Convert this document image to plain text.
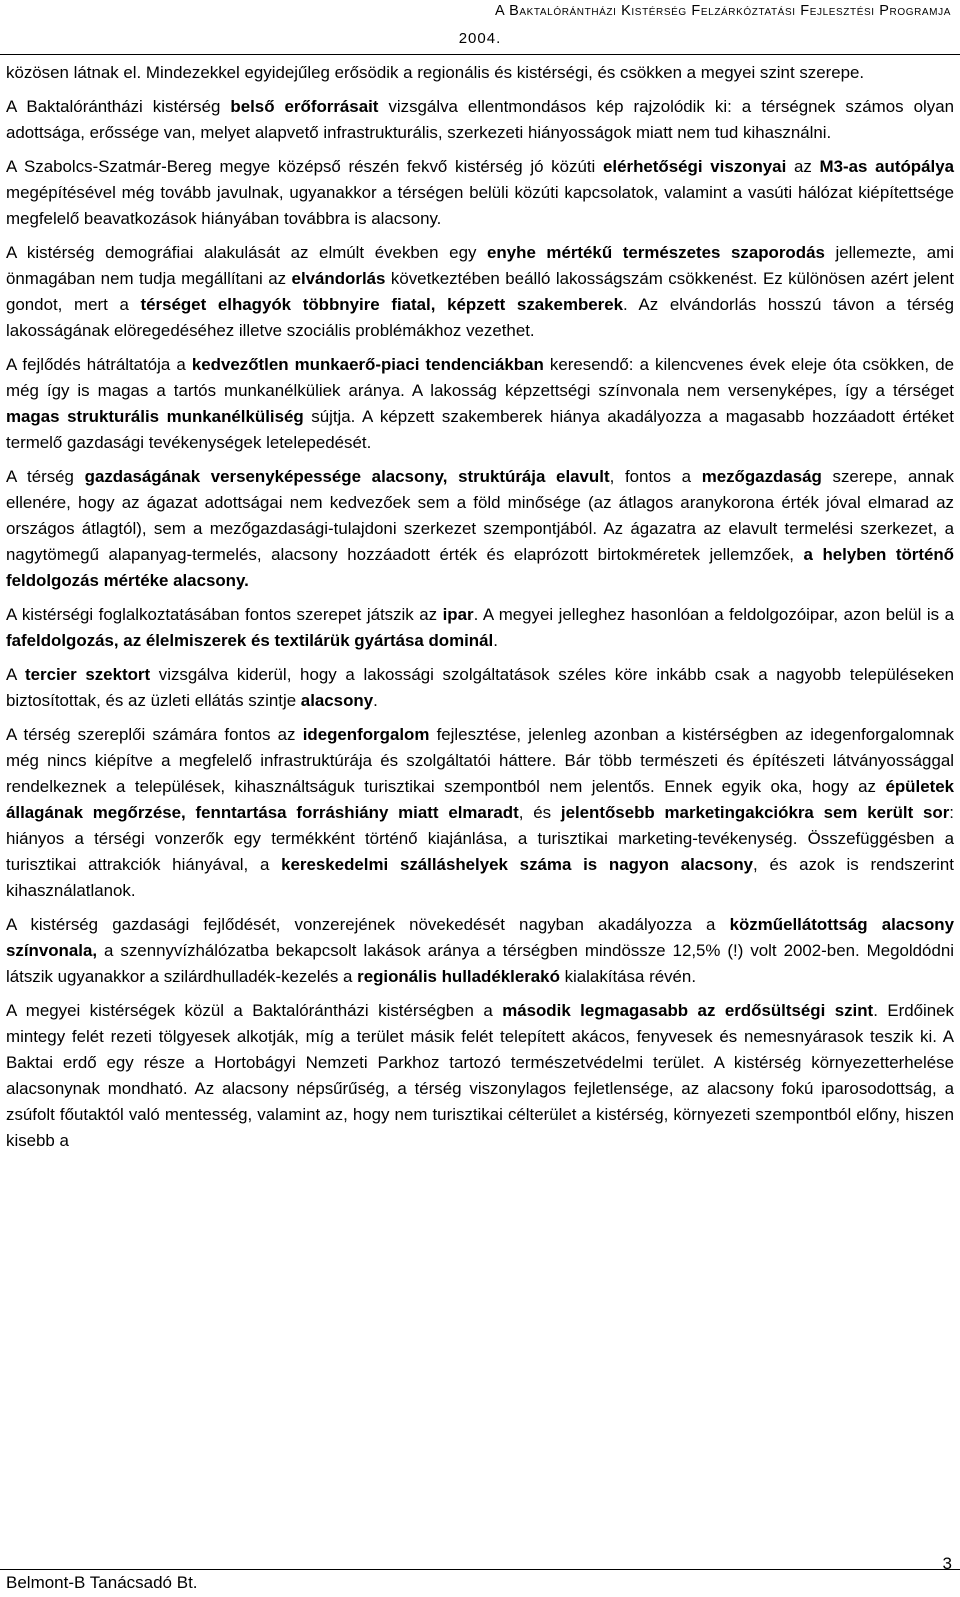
A Baktalórántházi Kistérség Felzárkóztatási Fejlesztési Programja
2004.

közösen látnak el. Mindezekkel egyidejűleg erősödik a regionális és kistérségi, és csökken a megyei szint szerepe.

A Baktalórántházi kistérség belső erőforrásait vizsgálva ellentmondásos kép rajzolódik ki: a térségnek számos olyan adottsága, erőssége van, melyet alapvető infrastrukturális, szerkezeti hiányosságok miatt nem tud kihasználni.

A Szabolcs-Szatmár-Bereg megye középső részén fekvő kistérség jó közúti elérhetőségi viszonyai az M3-as autópálya megépítésével még tovább javulnak, ugyanakkor a térségen belüli közúti kapcsolatok, valamint a vasúti hálózat kiépítettsége megfelelő beavatkozások hiányában továbbra is alacsony.

A kistérség demográfiai alakulását az elmúlt években egy enyhe mértékű természetes szaporodás jellemezte, ami önmagában nem tudja megállítani az elvándorlás következtében beálló lakosságszám csökkenést. Ez különösen azért jelent gondot, mert a térséget elhagyók többnyire fiatal, képzett szakemberek. Az elvándorlás hosszú távon a térség lakosságának elöregedéséhez illetve szociális problémákhoz vezethet.

A fejlődés hátráltatója a kedvezőtlen munkaerő-piaci tendenciákban keresendő: a kilencvenes évek eleje óta csökken, de még így is magas a tartós munkanélküliek aránya. A lakosság képzettségi színvonala nem versenyképes, így a térséget magas strukturális munkanélküliség sújtja. A képzett szakemberek hiánya akadályozza a magasabb hozzáadott értéket termelő gazdasági tevékenységek letelepedését.

A térség gazdaságának versenyképessége alacsony, struktúrája elavult, fontos a mezőgazdaság szerepe, annak ellenére, hogy az ágazat adottságai nem kedvezőek sem a föld minősége (az átlagos aranykorona érték jóval elmarad az országos átlagtól), sem a mezőgazdasági-tulajdoni szerkezet szempontjából. Az ágazatra az elavult termelési szerkezet, a nagytömegű alapanyag-termelés, alacsony hozzáadott érték és elaprózott birtokméretek jellemzőek, a helyben történő feldolgozás mértéke alacsony.

A kistérségi foglalkoztatásában fontos szerepet játszik az ipar. A megyei jelleghez hasonlóan a feldolgozóipar, azon belül is a fafeldolgozás, az élelmiszerek és textilárük gyártása dominál.

A tercier szektort vizsgálva kiderül, hogy a lakossági szolgáltatások széles köre inkább csak a nagyobb településeken biztosítottak, és az üzleti ellátás szintje alacsony.

A térség szereplői számára fontos az idegenforgalom fejlesztése, jelenleg azonban a kistérségben az idegenforgalomnak még nincs kiépítve a megfelelő infrastruktúrája és szolgáltatói háttere. Bár több természeti és építészeti látványossággal rendelkeznek a települések, kihasználtságuk turisztikai szempontból nem jelentős. Ennek egyik oka, hogy az épületek állagának megőrzése, fenntartása forráshiány miatt elmaradt, és jelentősebb marketingakciókra sem került sor: hiányos a térségi vonzerők egy termékként történő kiajánlása, a turisztikai marketing-tevékenység. Összefüggésben a turisztikai attrakciók hiányával, a kereskedelmi szálláshelyek száma is nagyon alacsony, és azok is rendszerint kihasználatlanok.

A kistérség gazdasági fejlődését, vonzerejének növekedését nagyban akadályozza a közműellátottság alacsony színvonala, a szennyvízhálózatba bekapcsolt lakások aránya a térségben mindössze 12,5% (!) volt 2002-ben. Megoldódni látszik ugyanakkor a szilárdhulladék-kezelés a regionális hulladéklerakó kialakítása révén.

A megyei kistérségek közül a Baktalórántházi kistérségben a második legmagasabb az erdősültségi szint. Erdőinek mintegy felét rezeti tölgyesek alkotják, míg a terület másik felét telepített akácos, fenyvesek és nemesnyárasok teszik ki. A Baktai erdő egy része a Hortobágyi Nemzeti Parkhoz tartozó természetvédelmi terület. A kistérség környezetterhelése alacsonynak mondható. Az alacsony népsűrűség, a térség viszonylagos fejletlensége, az alacsony fokú iparosodottság, a zsúfolt főutaktól való mentesség, valamint az, hogy nem turisztikai célterület a kistérség, környezeti szempontból előny, hiszen kisebb a

Belmont-B Tanácsadó Bt.
3
